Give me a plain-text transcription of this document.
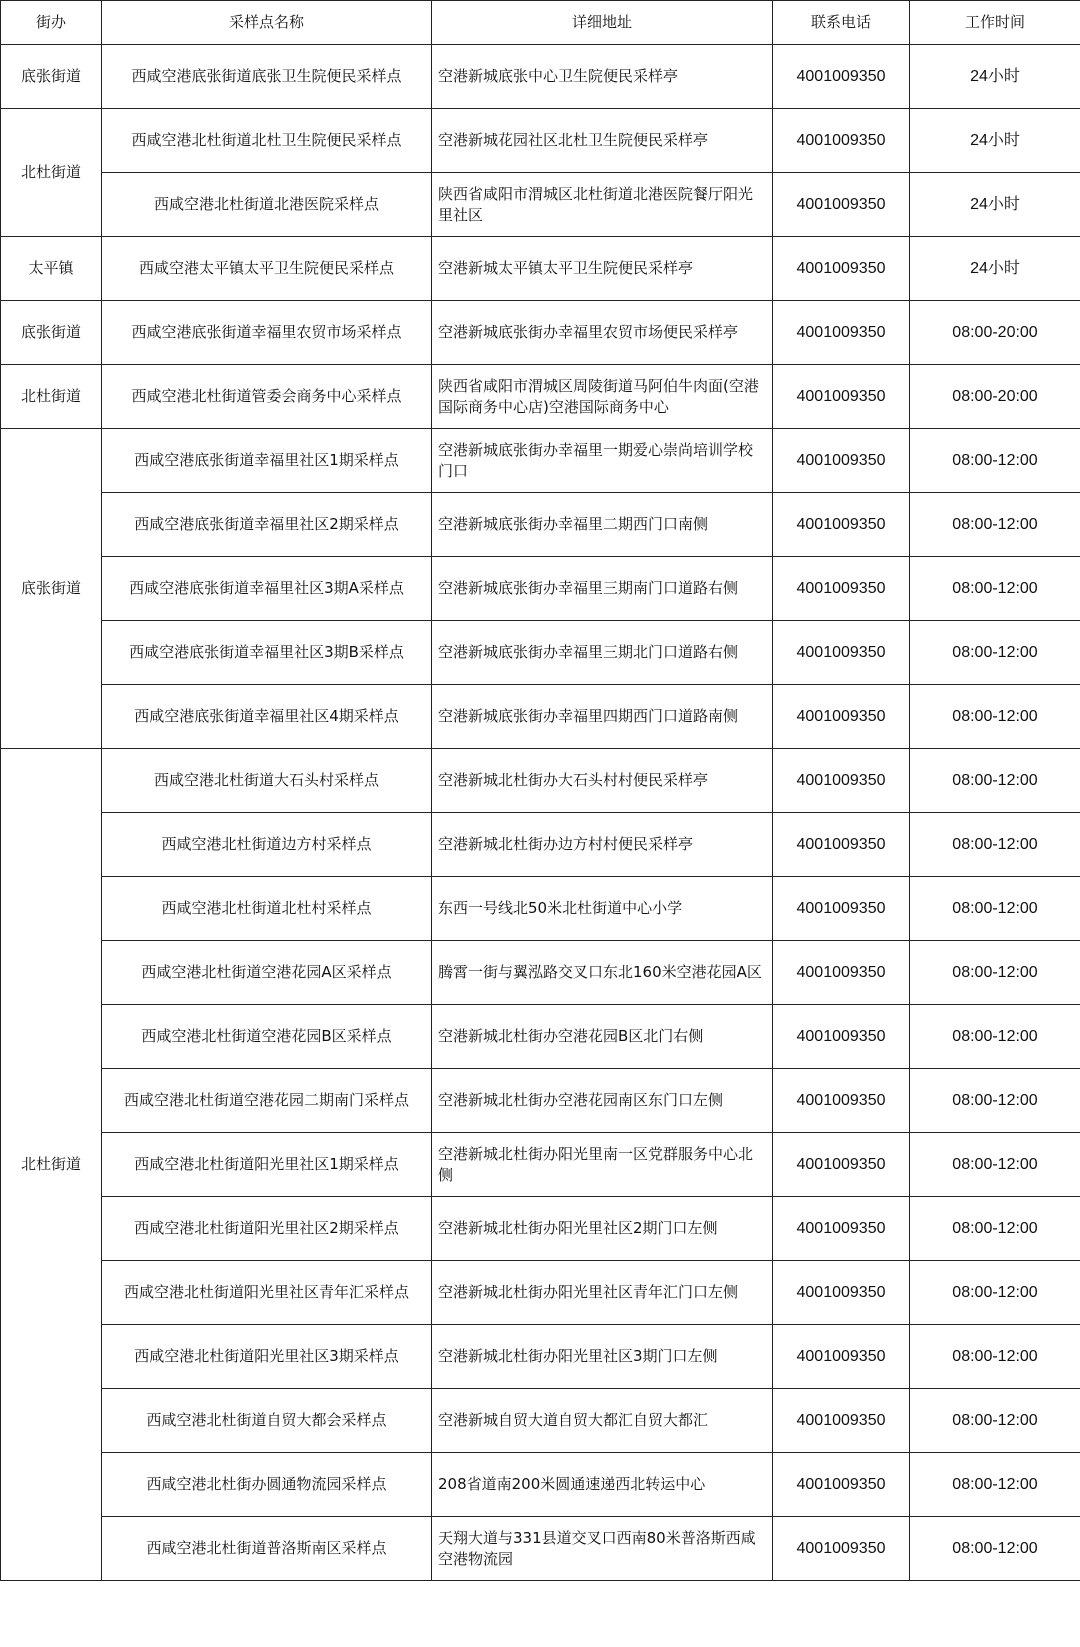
街办	采样点名称	详细地址	联系电话	工作时间
底张街道	西咸空港底张街道底张卫生院便民采样点	空港新城底张中心卫生院便民采样亭	4001009350	24小时
北杜街道	西咸空港北杜街道北杜卫生院便民采样点	空港新城花园社区北杜卫生院便民采样亭	4001009350	24小时
	西咸空港北杜街道北港医院采样点	陕西省咸阳市渭城区北杜街道北港医院餐厅阳光里社区	4001009350	24小时
太平镇	西咸空港太平镇太平卫生院便民采样点	空港新城太平镇太平卫生院便民采样亭	4001009350	24小时
底张街道	西咸空港底张街道幸福里农贸市场采样点	空港新城底张街办幸福里农贸市场便民采样亭	4001009350	08:00-20:00
北杜街道	西咸空港北杜街道管委会商务中心采样点	陕西省咸阳市渭城区周陵街道马阿伯牛肉面(空港国际商务中心店)空港国际商务中心	4001009350	08:00-20:00
底张街道	西咸空港底张街道幸福里社区1期采样点	空港新城底张街办幸福里一期爱心崇尚培训学校门口	4001009350	08:00-12:00
	西咸空港底张街道幸福里社区2期采样点	空港新城底张街办幸福里二期西门口南侧	4001009350	08:00-12:00
	西咸空港底张街道幸福里社区3期A采样点	空港新城底张街办幸福里三期南门口道路右侧	4001009350	08:00-12:00
	西咸空港底张街道幸福里社区3期B采样点	空港新城底张街办幸福里三期北门口道路右侧	4001009350	08:00-12:00
	西咸空港底张街道幸福里社区4期采样点	空港新城底张街办幸福里四期西门口道路南侧	4001009350	08:00-12:00
北杜街道	西咸空港北杜街道大石头村采样点	空港新城北杜街办大石头村村便民采样亭	4001009350	08:00-12:00
	西咸空港北杜街道边方村采样点	空港新城北杜街办边方村村便民采样亭	4001009350	08:00-12:00
	西咸空港北杜街道北杜村采样点	东西一号线北50米北杜街道中心小学	4001009350	08:00-12:00
	西咸空港北杜街道空港花园A区采样点	腾霄一街与翼泓路交叉口东北160米空港花园A区	4001009350	08:00-12:00
	西咸空港北杜街道空港花园B区采样点	空港新城北杜街办空港花园B区北门右侧	4001009350	08:00-12:00
	西咸空港北杜街道空港花园二期南门采样点	空港新城北杜街办空港花园南区东门口左侧	4001009350	08:00-12:00
	西咸空港北杜街道阳光里社区1期采样点	空港新城北杜街办阳光里南一区党群服务中心北侧	4001009350	08:00-12:00
	西咸空港北杜街道阳光里社区2期采样点	空港新城北杜街办阳光里社区2期门口左侧	4001009350	08:00-12:00
	西咸空港北杜街道阳光里社区青年汇采样点	空港新城北杜街办阳光里社区青年汇门口左侧	4001009350	08:00-12:00
	西咸空港北杜街道阳光里社区3期采样点	空港新城北杜街办阳光里社区3期门口左侧	4001009350	08:00-12:00
	西咸空港北杜街道自贸大都会采样点	空港新城自贸大道自贸大都汇自贸大都汇	4001009350	08:00-12:00
	西咸空港北杜街办圆通物流园采样点	208省道南200米圆通速递西北转运中心	4001009350	08:00-12:00
	西咸空港北杜街道普洛斯南区采样点	天翔大道与331县道交叉口西南80米普洛斯西咸空港物流园	4001009350	08:00-12:00
